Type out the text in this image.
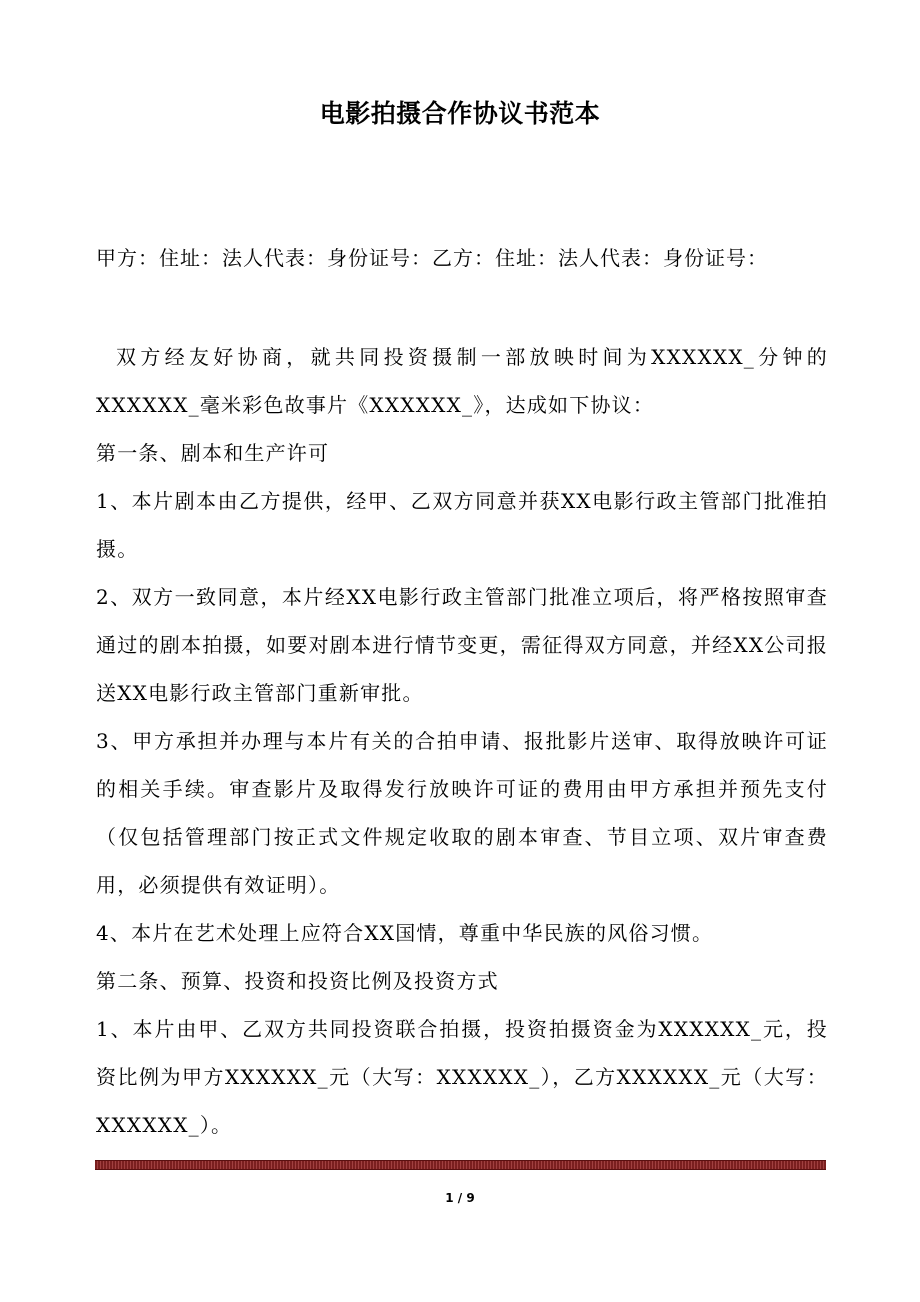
电影拍摄合作协议书范本
甲方：住址：法人代表：身份证号：乙方：住址：法人代表：身份证号：

双方经友好协商，就共同投资摄制一部放映时间为XXXXXX_分钟的XXXXXX_毫米彩色故事片《XXXXXX_》，达成如下协议：

第一条、剧本和生产许可

1、本片剧本由乙方提供，经甲、乙双方同意并获XX电影行政主管部门批准拍摄。

2、双方一致同意，本片经XX电影行政主管部门批准立项后，将严格按照审查通过的剧本拍摄，如要对剧本进行情节变更，需征得双方同意，并经XX公司报送XX电影行政主管部门重新审批。

3、甲方承担并办理与本片有关的合拍申请、报批影片送审、取得放映许可证的相关手续。审查影片及取得发行放映许可证的费用由甲方承担并预先支付（仅包括管理部门按正式文件规定收取的剧本审查、节目立项、双片审查费用，必须提供有效证明）。

4、本片在艺术处理上应符合XX国情，尊重中华民族的风俗习惯。

第二条、预算、投资和投资比例及投资方式

1、本片由甲、乙双方共同投资联合拍摄，投资拍摄资金为XXXXXX_元，投资比例为甲方XXXXXX_元（大写：XXXXXX_），乙方XXXXXX_元（大写：XXXXXX_）。

1 / 9
